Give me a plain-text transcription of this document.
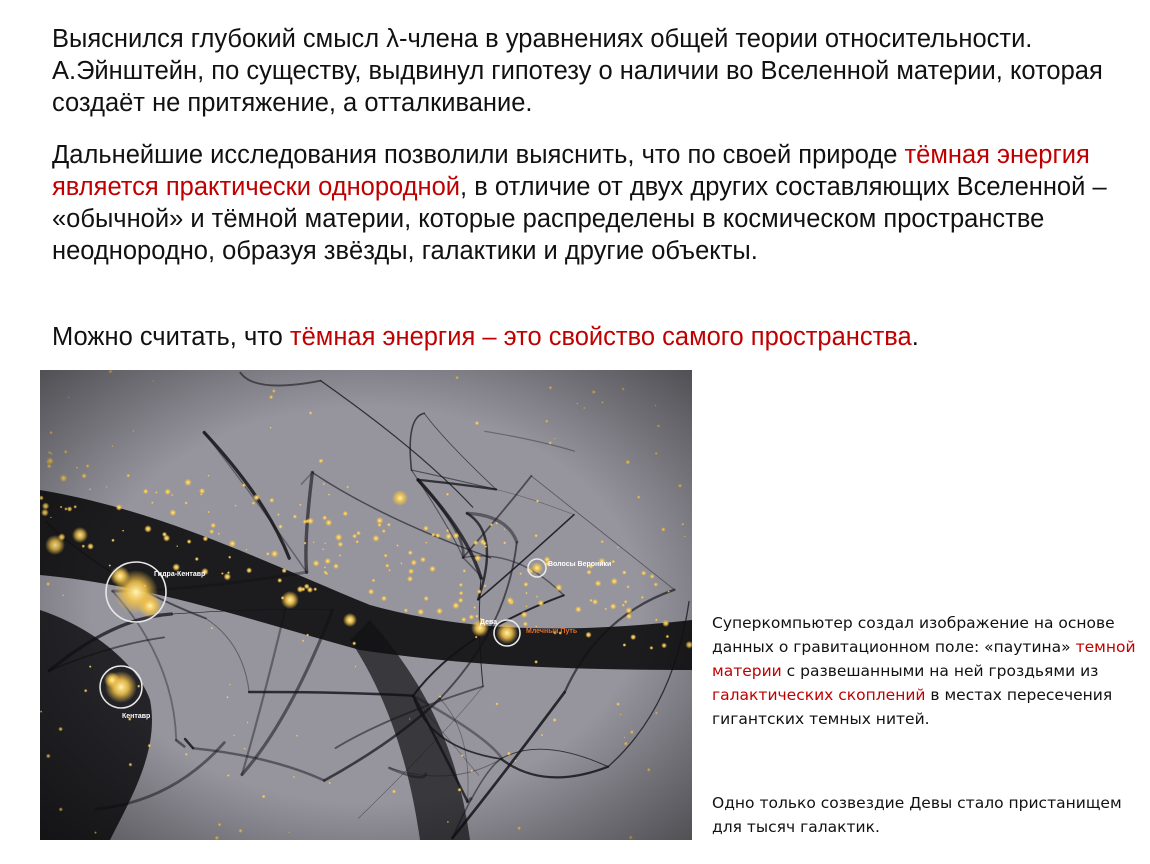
Выяснился глубокий смысл λ-члена в уравнениях общей теории относительности. А.Эйнштейн, по существу, выдвинул гипотезу о наличии во Вселенной материи, которая создаёт не притяжение, а отталкивание.

Дальнейшие исследования позволили выяснить, что по своей природе тёмная энергия является практически однородной, в отличие от двух других составляющих Вселенной – «обычной» и тёмной материи, которые распределены в космическом пространстве неоднородно, образуя звёзды, галактики и другие объекты.

Можно считать, что тёмная энергия – это свойство самого пространства.

Суперкомпьютер создал изображение на основе данных о гравитационном поле: «паутина» темной материи с развешанными на ней гроздьями из галактических скоплений в местах пересечения гигантских темных нитей.

Одно только созвездие Девы стало пристанищем для тысяч галактик.
